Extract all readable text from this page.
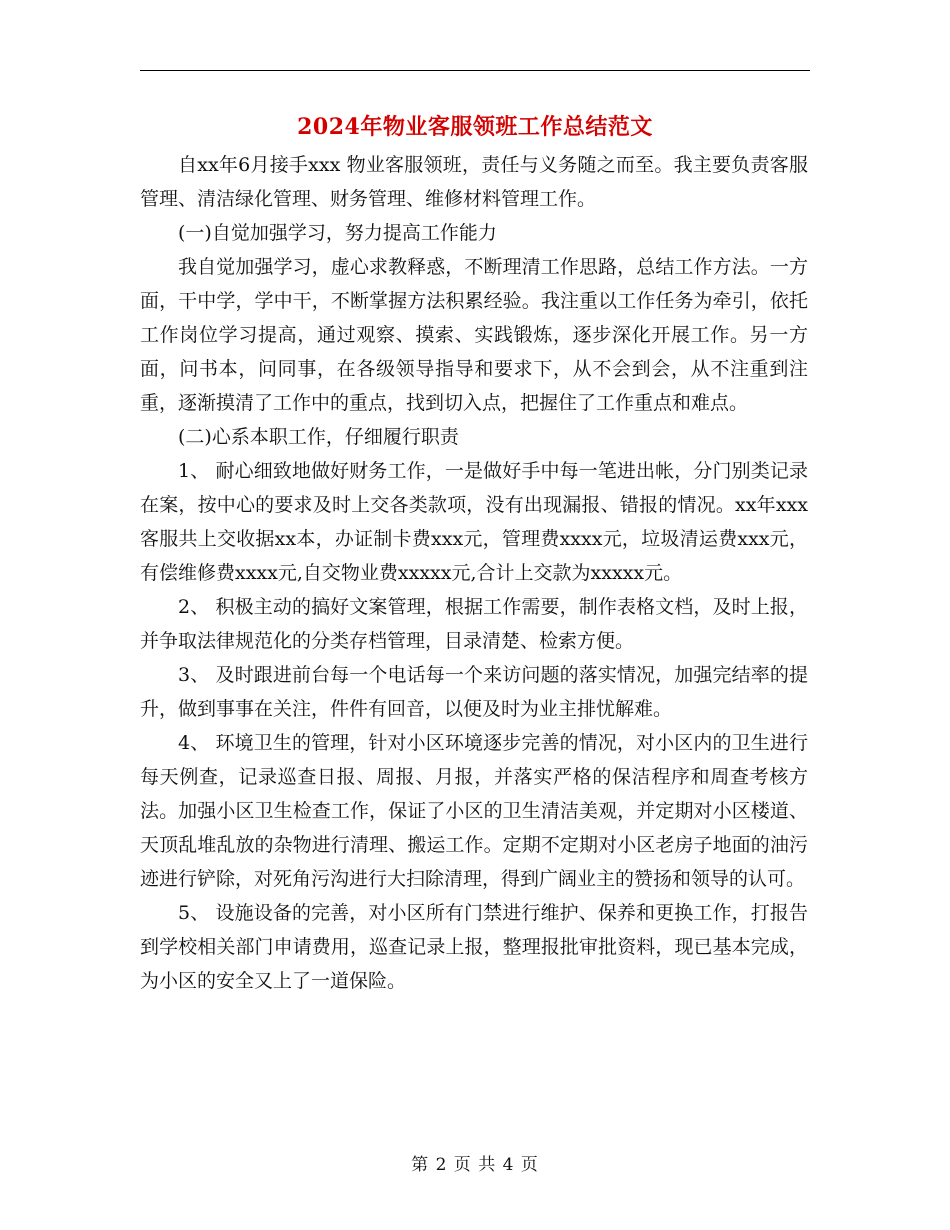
2024年物业客服领班工作总结范文

自xx年6月接手xxx 物业客服领班，责任与义务随之而至。我主要负责客服管理、清洁绿化管理、财务管理、维修材料管理工作。

(一)自觉加强学习，努力提高工作能力

我自觉加强学习，虚心求教释惑，不断理清工作思路，总结工作方法。一方面，干中学，学中干，不断掌握方法积累经验。我注重以工作任务为牵引，依托工作岗位学习提高，通过观察、摸索、实践锻炼，逐步深化开展工作。另一方面，问书本，问同事，在各级领导指导和要求下，从不会到会，从不注重到注重，逐渐摸清了工作中的重点，找到切入点，把握住了工作重点和难点。

(二)心系本职工作，仔细履行职责

1、 耐心细致地做好财务工作，一是做好手中每一笔进出帐，分门别类记录在案，按中心的要求及时上交各类款项，没有出现漏报、错报的情况。xx年xxx 客服共上交收据xx本，办证制卡费xxx元，管理费xxxx元，垃圾清运费xxx元，有偿维修费xxxx元,自交物业费xxxxx元,合计上交款为xxxxx元。

2、 积极主动的搞好文案管理，根据工作需要，制作表格文档，及时上报，并争取法律规范化的分类存档管理，目录清楚、检索方便。

3、 及时跟进前台每一个电话每一个来访问题的落实情况，加强完结率的提升，做到事事在关注，件件有回音，以便及时为业主排忧解难。

4、 环境卫生的管理，针对小区环境逐步完善的情况，对小区内的卫生进行每天例查，记录巡查日报、周报、月报，并落实严格的保洁程序和周查考核方法。加强小区卫生检查工作，保证了小区的卫生清洁美观，并定期对小区楼道、天顶乱堆乱放的杂物进行清理、搬运工作。定期不定期对小区老房子地面的油污迹进行铲除，对死角污沟进行大扫除清理，得到广阔业主的赞扬和领导的认可。

5、 设施设备的完善，对小区所有门禁进行维护、保养和更换工作，打报告到学校相关部门申请费用，巡查记录上报，整理报批审批资料，现已基本完成，为小区的安全又上了一道保险。

第 2 页 共 4 页
